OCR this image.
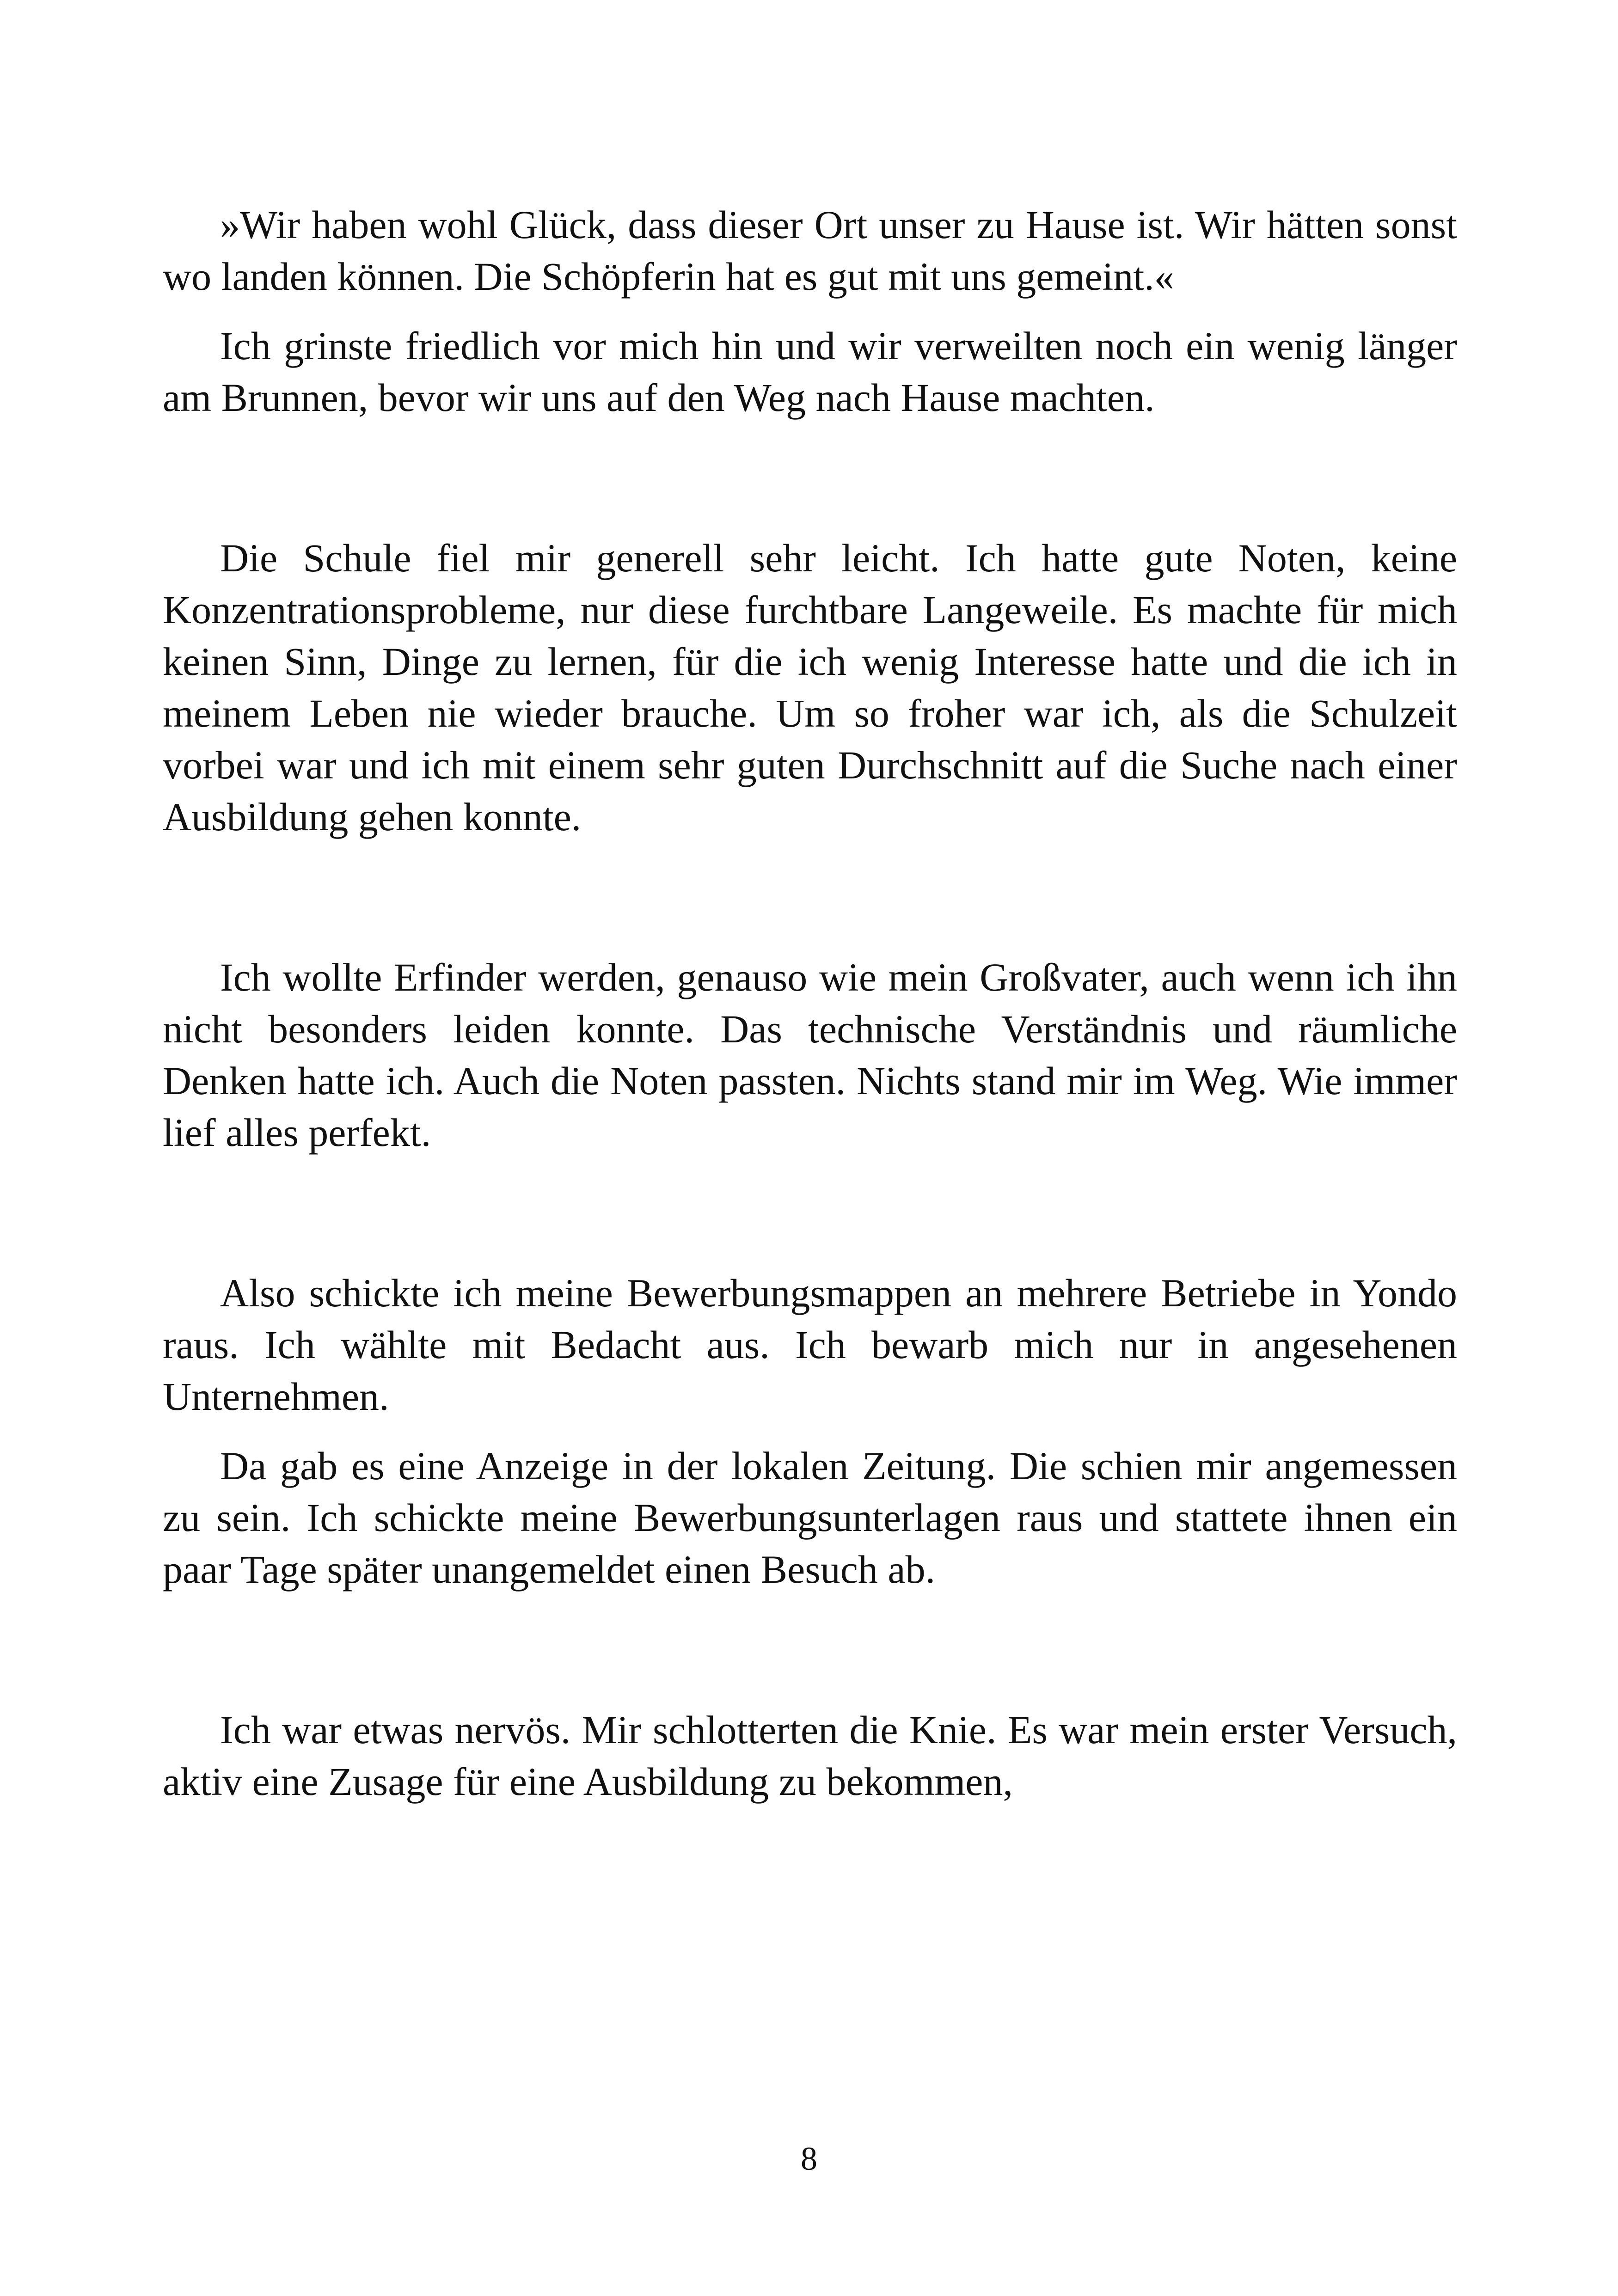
»Wir haben wohl Glück, dass dieser Ort unser zu Hause ist. Wir hätten sonst wo landen können. Die Schöpferin hat es gut mit uns gemeint.«

Ich grinste friedlich vor mich hin und wir verweilten noch ein wenig länger am Brunnen, bevor wir uns auf den Weg nach Hause machten.

Die Schule fiel mir generell sehr leicht. Ich hatte gute Noten, keine Konzentrationsprobleme, nur diese furchtbare Langeweile. Es machte für mich keinen Sinn, Dinge zu lernen, für die ich wenig Interesse hatte und die ich in meinem Leben nie wieder brauche. Um so froher war ich, als die Schulzeit vorbei war und ich mit einem sehr guten Durchschnitt auf die Suche nach einer Ausbildung gehen konnte.

Ich wollte Erfinder werden, genauso wie mein Großvater, auch wenn ich ihn nicht besonders leiden konnte. Das technische Verständnis und räumliche Denken hatte ich. Auch die Noten passten. Nichts stand mir im Weg. Wie immer lief alles perfekt.

Also schickte ich meine Bewerbungsmappen an mehrere Betriebe in Yondo raus. Ich wählte mit Bedacht aus. Ich bewarb mich nur in angesehenen Unternehmen.

Da gab es eine Anzeige in der lokalen Zeitung. Die schien mir angemessen zu sein. Ich schickte meine Bewerbungsunterlagen raus und stattete ihnen ein paar Tage später unangemeldet einen Besuch ab.

Ich war etwas nervös. Mir schlotterten die Knie. Es war mein erster Versuch, aktiv eine Zusage für eine Ausbildung zu bekommen,

8
